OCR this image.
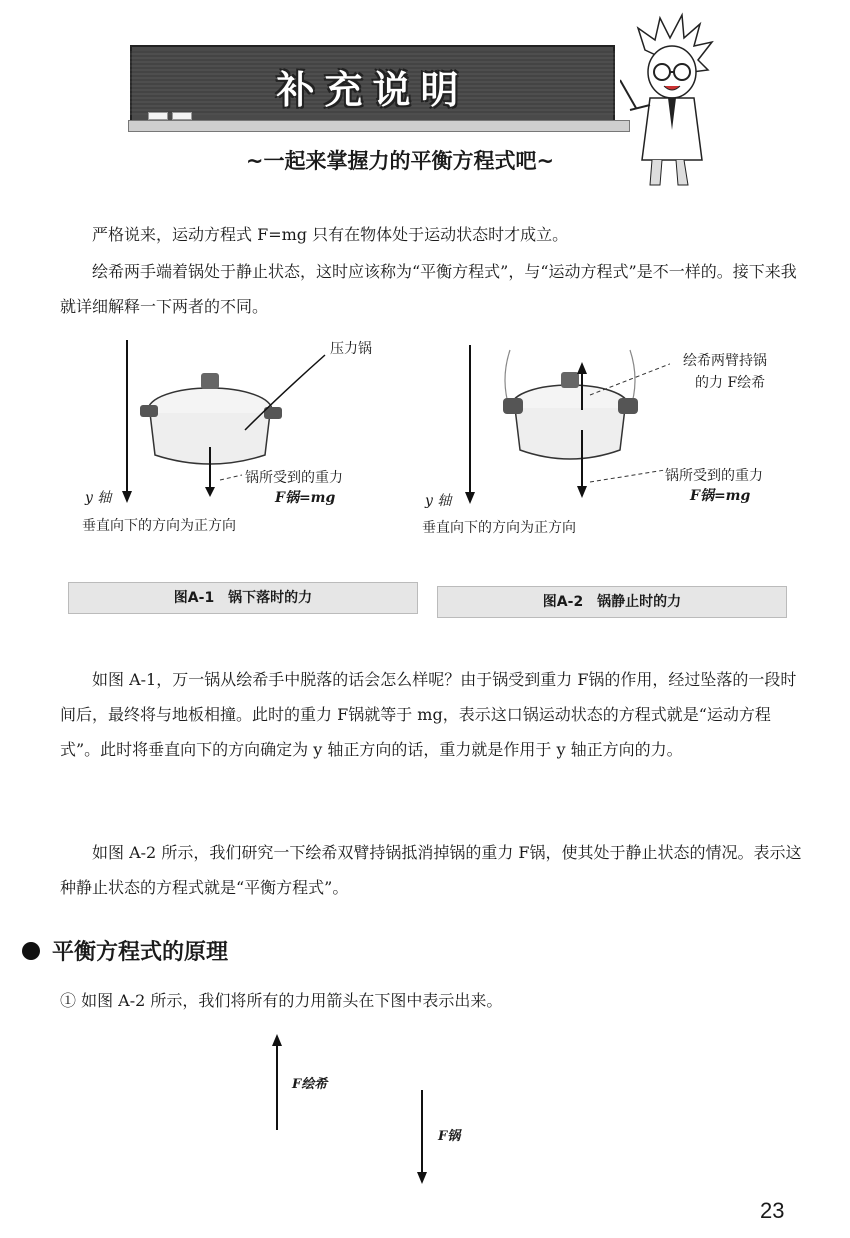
补充说明
~一起来掌握力的平衡方程式吧~

严格说来，运动方程式 F=mg 只有在物体处于运动状态时才成立。

绘希两手端着锅处于静止状态，这时应该称为“平衡方程式”，与“运动方程式”是不一样的。接下来我就详细解释一下两者的不同。

压力锅
锅所受到的重力
F锅=mg
y 轴
垂直向下的方向为正方向
图A-1　锅下落时的力
绘希两臂持锅
的力 F绘希
锅所受到的重力
F锅=mg
y 轴
垂直向下的方向为正方向
图A-2　锅静止时的力

如图 A-1，万一锅从绘希手中脱落的话会怎么样呢？由于锅受到重力 F锅的作用，经过坠落的一段时间后，最终将与地板相撞。此时的重力 F锅就等于 mg，表示这口锅运动状态的方程式就是“运动方程式”。此时将垂直向下的方向确定为 y 轴正方向的话，重力就是作用于 y 轴正方向的力。

如图 A-2 所示，我们研究一下绘希双臂持锅抵消掉锅的重力 F锅，使其处于静止状态的情况。表示这种静止状态的方程式就是“平衡方程式”。

平衡方程式的原理
① 如图 A-2 所示，我们将所有的力用箭头在下图中表示出来。
F绘希
F锅
23
